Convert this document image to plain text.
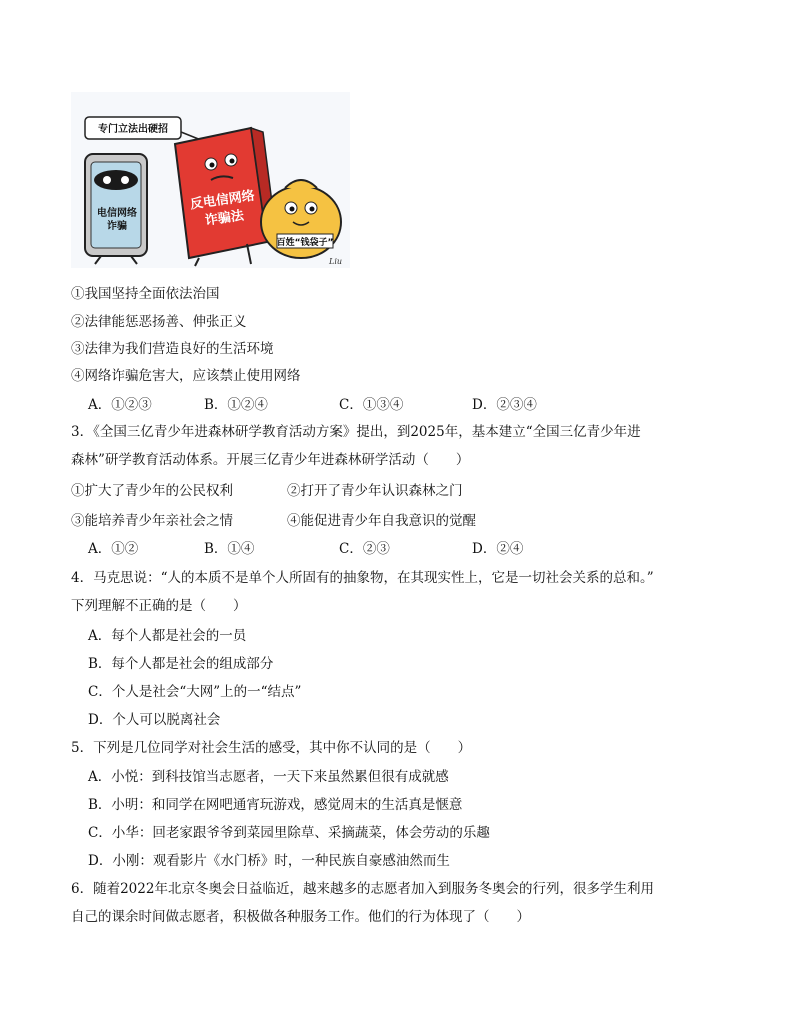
专门立法出硬招
电信网络
诈骗
反电信网络
诈骗法
百姓“钱袋子”
Liu
①我国坚持全面依法治国
②法律能惩恶扬善、伸张正义
③法律为我们营造良好的生活环境
④网络诈骗危害大，应该禁止使用网络
A．①②③	B．①②④	C．①③④	D．②③④
3．《全国三亿青少年进森林研学教育活动方案》提出，到2025年，基本建立“全国三亿青少年进
森林”研学教育活动体系。开展三亿青少年进森林研学活动（　　）
①扩大了青少年的公民权利	②打开了青少年认识森林之门
③能培养青少年亲社会之情	④能促进青少年自我意识的觉醒
A．①②	B．①④	C．②③	D．②④
4．马克思说：“人的本质不是单个人所固有的抽象物，在其现实性上，它是一切社会关系的总和。”
下列理解不正确的是（　　）
A．每个人都是社会的一员
B．每个人都是社会的组成部分
C．个人是社会“大网”上的一“结点”
D．个人可以脱离社会
5．下列是几位同学对社会生活的感受，其中你不认同的是（　　）
A．小悦：到科技馆当志愿者，一天下来虽然累但很有成就感
B．小明：和同学在网吧通宵玩游戏，感觉周末的生活真是惬意
C．小华：回老家跟爷爷到菜园里除草、采摘蔬菜，体会劳动的乐趣
D．小刚：观看影片《水门桥》时，一种民族自豪感油然而生
6．随着2022年北京冬奥会日益临近，越来越多的志愿者加入到服务冬奥会的行列，很多学生利用
自己的课余时间做志愿者，积极做各种服务工作。他们的行为体现了（　　）
